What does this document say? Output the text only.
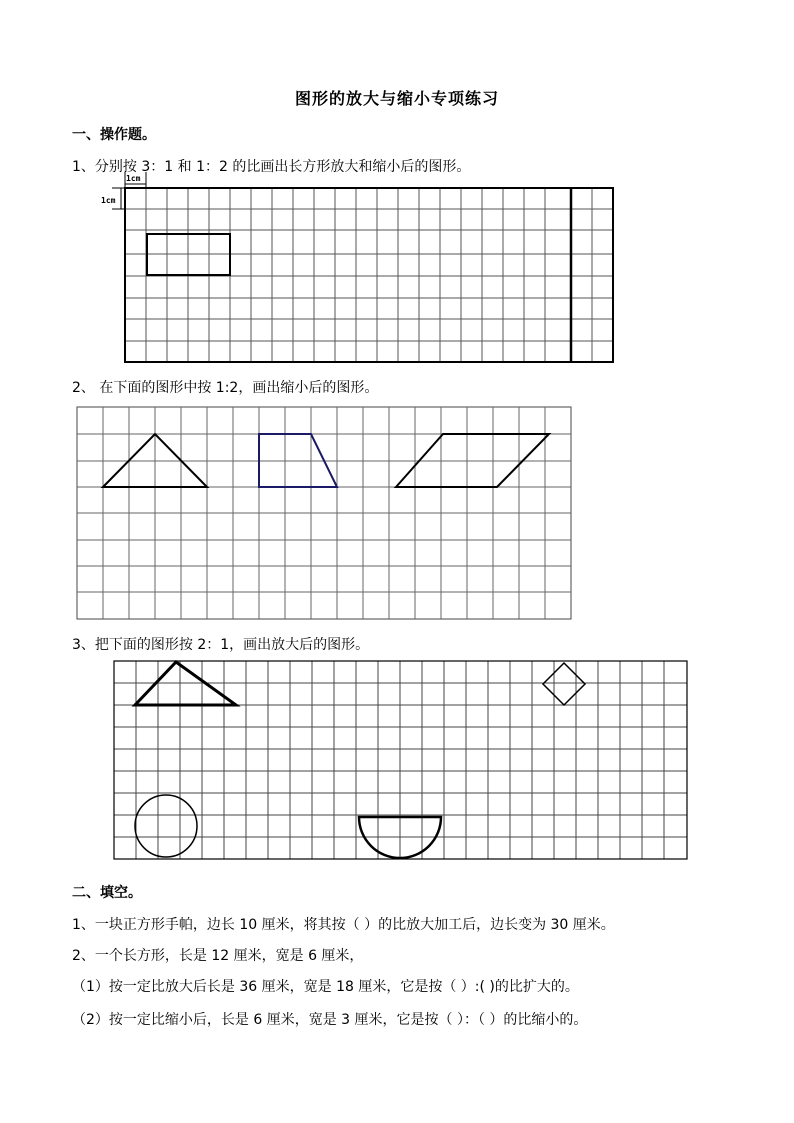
图形的放大与缩小专项练习
一、操作题。
1、分别按 3：1 和 1：2 的比画出长方形放大和缩小后的图形。
1cm
1cm
2、 在下面的图形中按 1:2，画出缩小后的图形。
3、把下面的图形按 2：1，画出放大后的图形。
二、填空。
1、一块正方形手帕，边长 10 厘米，将其按（ ）的比放大加工后，边长变为 30 厘米。
2、一个长方形，长是 12 厘米，宽是 6 厘米，
（1）按一定比放大后长是 36 厘米，宽是 18 厘米，它是按（ ）:( )的比扩大的。
（2）按一定比缩小后，长是 6 厘米，宽是 3 厘米，它是按（ ）：（ ）的比缩小的。
